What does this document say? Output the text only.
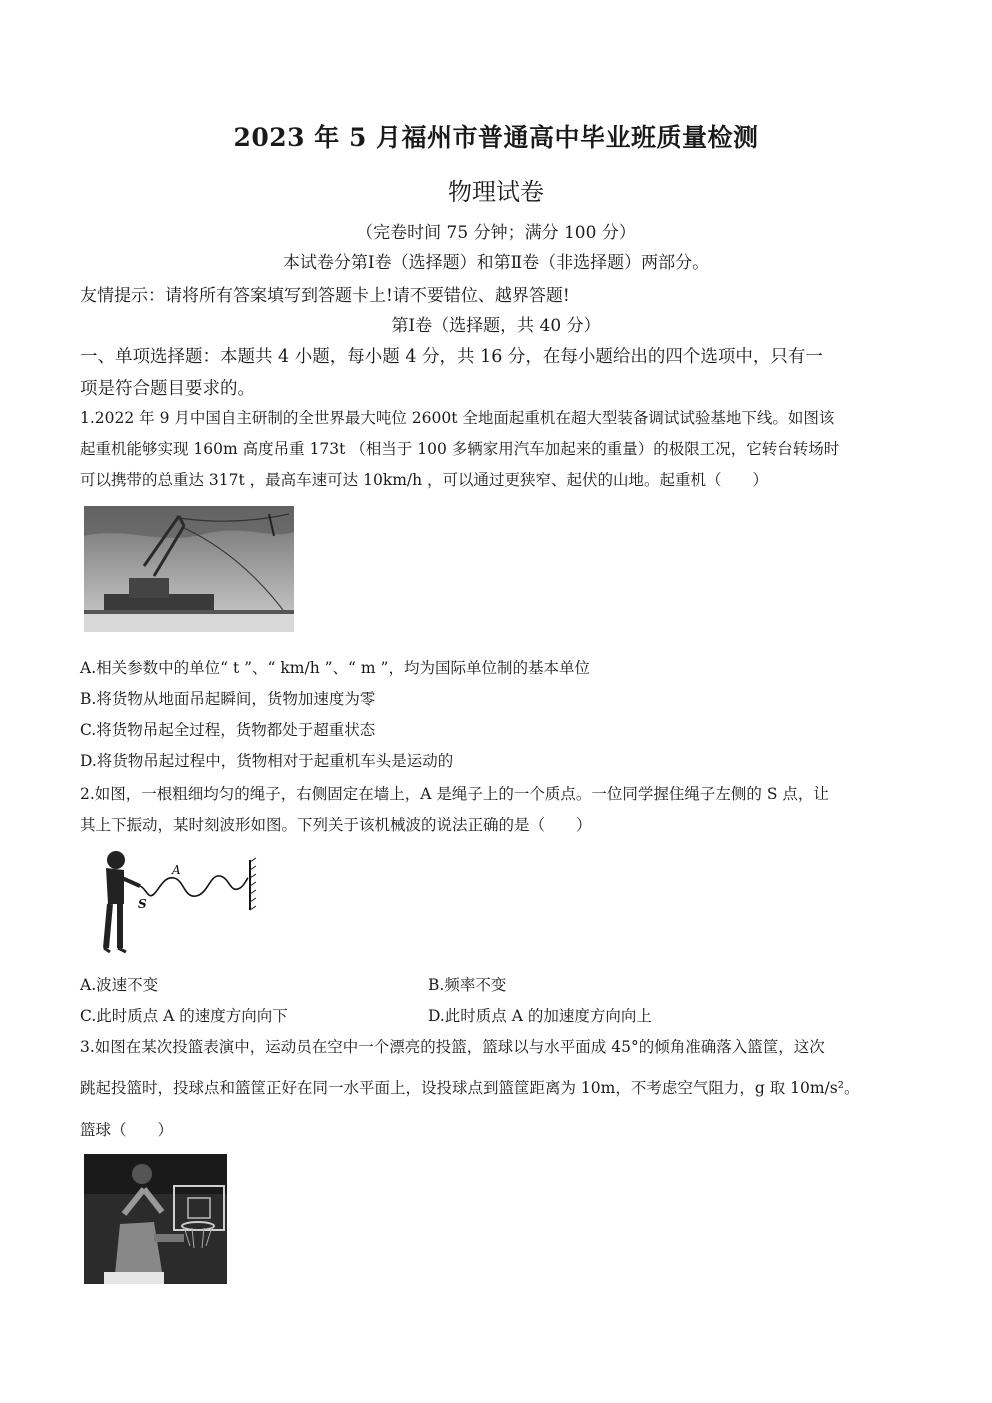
2023 年 5 月福州市普通高中毕业班质量检测
物理试卷
（完卷时间 75 分钟；满分 100 分）
本试卷分第Ⅰ卷（选择题）和第Ⅱ卷（非选择题）两部分。
友情提示：请将所有答案填写到答题卡上!请不要错位、越界答题!
第Ⅰ卷（选择题，共 40 分）
一、单项选择题：本题共 4 小题，每小题 4 分，共 16 分，在每小题给出的四个选项中，只有一
项是符合题目要求的。
1.2022 年 9 月中国自主研制的全世界最大吨位 2600t 全地面起重机在超大型装备调试试验基地下线。如图该
起重机能够实现 160m 高度吊重 173t （相当于 100 多辆家用汽车加起来的重量）的极限工况，它转台转场时
可以携带的总重达 317t ，最高车速可达 10km/h ，可以通过更狭窄、起伏的山地。起重机（　　）
A.相关参数中的单位“ t ”、“ km/h ”、“ m ”，均为国际单位制的基本单位
B.将货物从地面吊起瞬间，货物加速度为零
C.将货物吊起全过程，货物都处于超重状态
D.将货物吊起过程中，货物相对于起重机车头是运动的
2.如图，一根粗细均匀的绳子，右侧固定在墙上，A 是绳子上的一个质点。一位同学握住绳子左侧的 S 点，让
其上下振动，某时刻波形如图。下列关于该机械波的说法正确的是（　　）
A
S
A.波速不变	B.频率不变
C.此时质点 A 的速度方向向下	D.此时质点 A 的加速度方向向上
3.如图在某次投篮表演中，运动员在空中一个漂亮的投篮，篮球以与水平面成 45°的倾角准确落入篮筐，这次
跳起投篮时，投球点和篮筐正好在同一水平面上，设投球点到篮筐距离为 10m，不考虑空气阻力，g 取 10m/s²。
篮球（　　）
